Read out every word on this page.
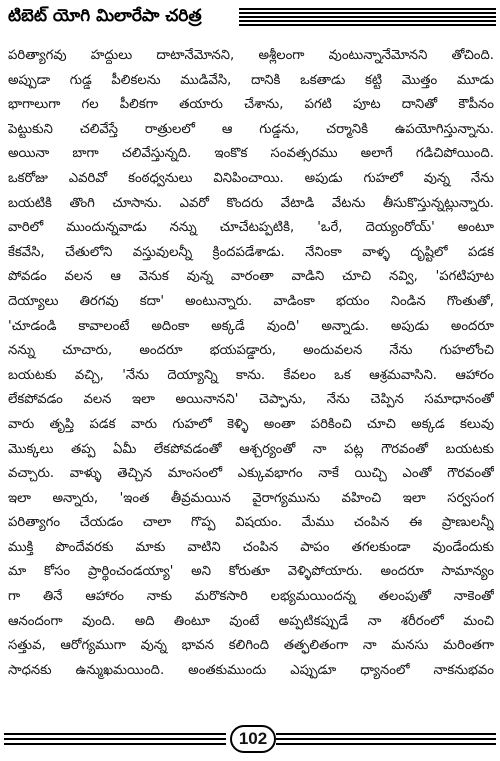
టిబెట్ యోగి మిలారేపా చరిత్ర
పరిత్యాగవు హద్దులు దాటానేమోనని, అశ్లీలంగా వుంటున్నానేమోనని తోచింది.
అప్పుడా గుడ్డ పీలికలను ముడివేసి, దానికి ఒకతాడు కట్టి మొత్తం మూడు
భాగాలుగా గల పీలికగా తయారు చేశాను, పగటి పూట దానితో కౌపీనం
పెట్టుకుని చలివేస్తే రాత్రులలో ఆ గుడ్డను, చర్మానికి ఉపయోగిస్తున్నాను.
అయినా బాగా చలివేస్తున్నది. ఇంకొక సంవత్సరము అలాగే గడిచిపోయింది.
ఒకరోజు ఎవరివో కంఠధ్వనులు వినిపించాయి. అపుడు గుహలో వున్న నేను
బయటికి తొంగి చూసాను. ఎవరో కొందరు వేటాడి వేటను తీసుకొస్తున్నట్లున్నారు.
వారిలో ముందున్నవాడు నన్ను చూచేటప్పటికి, 'ఒరే, దెయ్యంరోయ్' అంటూ
కేకవేసి, చేతులోని వస్తువులన్నీ క్రిందపడేశాడు. నేనింకా వాళ్ళ దృష్టిలో పడక
పోవడం వలన ఆ వెనుక వున్న వారంతా వాడిని చూచి నవ్వి, 'పగటిపూట
దెయ్యాలు తిరగవు కదా' అంటున్నారు. వాడింకా భయం నిండిన గొంతుతో,
'చూడండి కావాలంటే అదింకా అక్కడే వుంది' అన్నాడు. అపుడు అందరూ
నన్ను చూచారు, అందరూ భయపడ్డారు, అందువలన నేను గుహలోంచి
బయటకు వచ్చి, 'నేను దెయ్యాన్ని కాను. కేవలం ఒక ఆశ్రమవాసిని. ఆహారం
లేకపోవడం వలన ఇలా అయినానని' చెప్పాను, నేను చెప్పిన సమాధానంతో
వారు తృప్తి పడక వారు గుహలో కెళ్ళి అంతా పరికించి చూచి అక్కడ కలువు
మొక్కలు తప్ప ఏమీ లేకపోవడంతో ఆశ్చర్యంతో నా పట్ల గౌరవంతో బయటకు
వచ్చారు. వాళ్ళు తెచ్చిన మాంసంలో ఎక్కువభాగం నాకే యిచ్చి ఎంతో గౌరవంతో
ఇలా అన్నారు, 'ఇంత తీవ్రమయిన వైరాగ్యమును వహించి ఇలా సర్వసంగ
పరిత్యాగం చేయడం చాలా గొప్ప విషయం. మేము చంపిన ఈ ప్రాణులన్నీ
ముక్తి పొందేవరకు మాకు వాటిని చంపిన పాపం తగలకుండా వుండేందుకు
మా కోసం ప్రార్థించండయ్యా' అని కోరుతూ వెళ్ళిపోయారు. అందరూ సామాన్యం
గా తినే ఆహారం నాకు మరొకసారి లభ్యమయిందన్న తలంపుతో నాకెంతో
ఆనందంగా వుంది. అది తింటూ వుంటే అప్పటికప్పుడే నా శరీరంలో మంచి
సత్తువ, ఆరోగ్యముగా వున్న భావన కలిగింది తత్ఫలితంగా నా మనసు మరింతగా
సాధనకు ఉన్ముఖమయింది. అంతకుముందు ఎప్పుడూ ధ్యానంలో నాకనుభవం
102
